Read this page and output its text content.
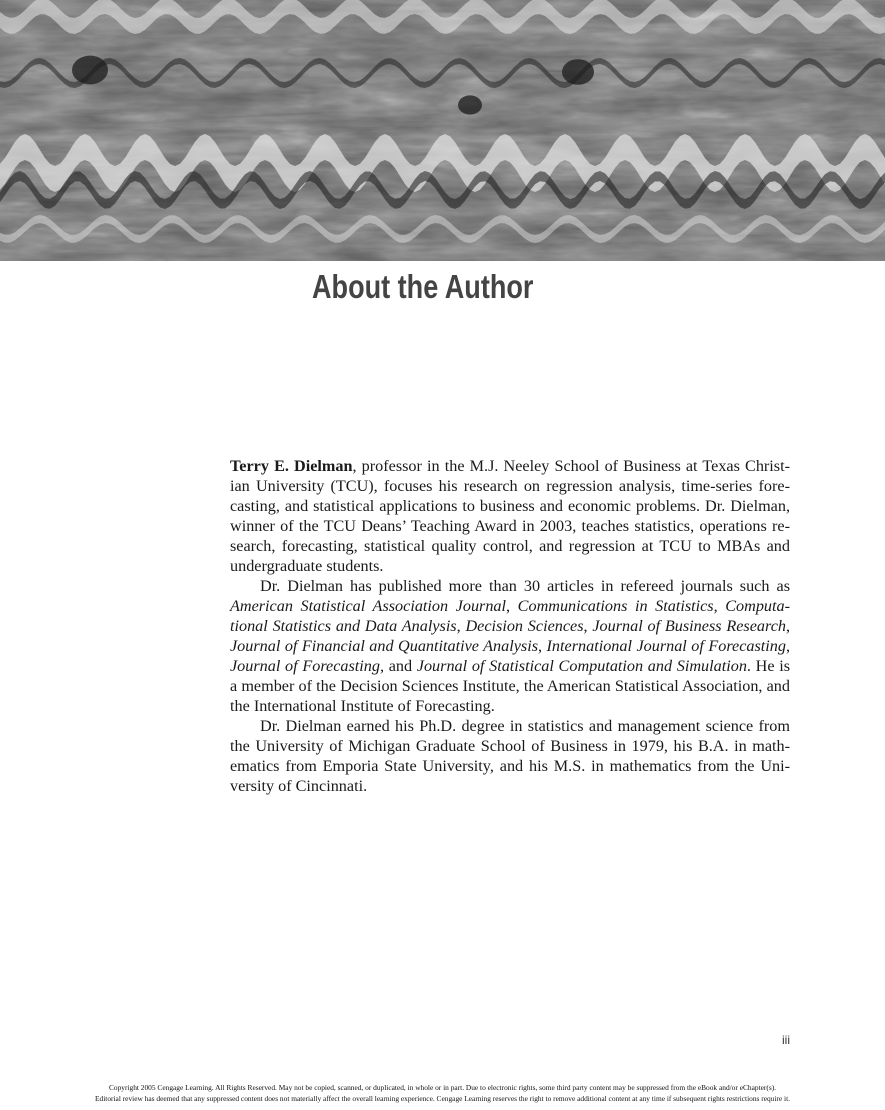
About the Author

Terry E. Dielman, professor in the M.J. Neeley School of Business at Texas Christian University (TCU), focuses his research on regression analysis, time-series forecasting, and statistical applications to business and economic problems. Dr. Dielman, winner of the TCU Deans’ Teaching Award in 2003, teaches statistics, operations research, forecasting, statistical quality control, and regression at TCU to MBAs and undergraduate students.

Dr. Dielman has published more than 30 articles in refereed journals such as American Statistical Association Journal, Communications in Statistics, Computational Statistics and Data Analysis, Decision Sciences, Journal of Business Research, Journal of Financial and Quantitative Analysis, International Journal of Forecasting, Journal of Forecasting, and Journal of Statistical Computation and Simulation. He is a member of the Decision Sciences Institute, the American Statistical Association, and the International Institute of Forecasting.

Dr. Dielman earned his Ph.D. degree in statistics and management science from the University of Michigan Graduate School of Business in 1979, his B.A. in mathematics from Emporia State University, and his M.S. in mathematics from the University of Cincinnati.

iii
Copyright 2005 Cengage Learning. All Rights Reserved. May not be copied, scanned, or duplicated, in whole or in part. Due to electronic rights, some third party content may be suppressed from the eBook and/or eChapter(s).
Editorial review has deemed that any suppressed content does not materially affect the overall learning experience. Cengage Learning reserves the right to remove additional content at any time if subsequent rights restrictions require it.
